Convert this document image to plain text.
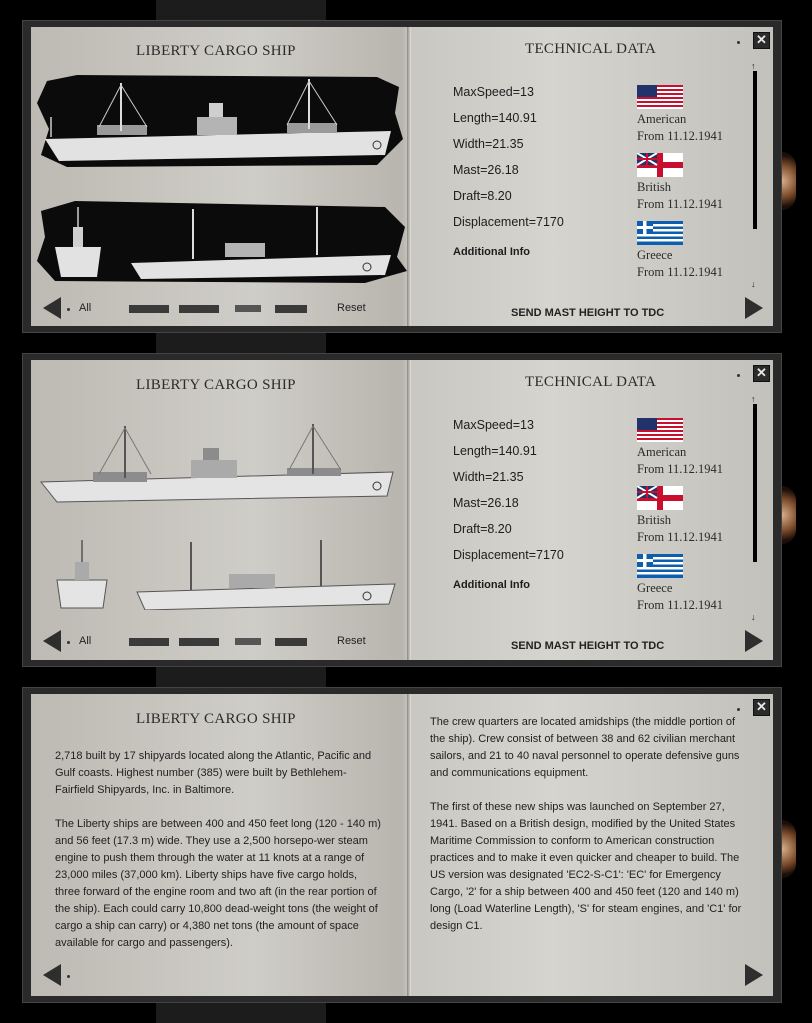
LIBERTY CARGO SHIP	TECHNICAL DATA
MaxSpeed=13
Length=140.91
Width=21.35
Mast=26.18
Draft=8.20
Displacement=7170
Additional Info
American
From 11.12.1941
British
From 11.12.1941
Greece
From 11.12.1941
↑
↓
✕
All	Reset	SEND MAST HEIGHT TO TDC
LIBERTY CARGO SHIP	TECHNICAL DATA
MaxSpeed=13
Length=140.91
Width=21.35
Mast=26.18
Draft=8.20
Displacement=7170
Additional Info
American
From 11.12.1941
British
From 11.12.1941
Greece
From 11.12.1941
↑
↓
✕
All	Reset	SEND MAST HEIGHT TO TDC
LIBERTY CARGO SHIP

2,718 built by 17 shipyards located along the Atlantic, Pacific and Gulf coasts. Highest number (385) were built by Bethlehem-Fairfield Shipyards, Inc. in Baltimore.

The Liberty ships are between 400 and 450 feet long (120 - 140 m) and 56 feet (17.3 m) wide. They use a 2,500 horsepo-wer steam engine to push them through the water at 11 knots at a range of 23,000 miles (37,000 km). Liberty ships have five cargo holds, three forward of the engine room and two aft (in the rear portion of the ship). Each could carry 10,800 dead-weight tons (the weight of cargo a ship can carry) or 4,380 net tons (the amount of space available for cargo and passengers).

The crew quarters are located amidships (the middle portion of the ship). Crew consist of between 38 and 62 civilian merchant sailors, and 21 to 40 naval personnel to operate defensive guns and communications equipment.

The first of these new ships was launched on September 27, 1941. Based on a British design, modified by the United States Maritime Commission to conform to American construction practices and to make it even quicker and cheaper to build. The US version was designated 'EC2-S-C1': 'EC' for Emergency Cargo, '2' for a ship between 400 and 450 feet (120 and 140 m) long (Load Waterline Length), 'S' for steam engines, and 'C1' for design C1.

✕
